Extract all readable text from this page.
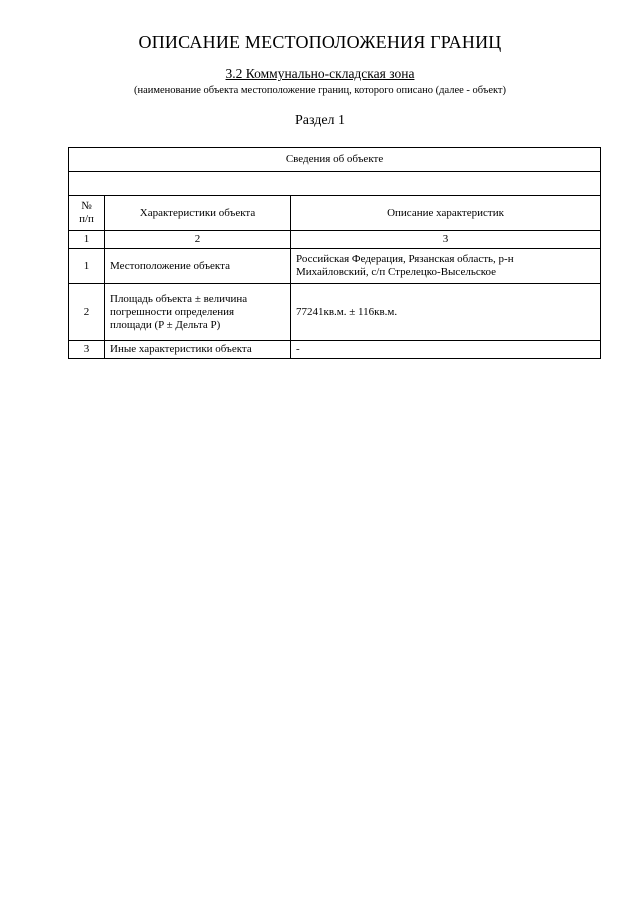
ОПИСАНИЕ МЕСТОПОЛОЖЕНИЯ ГРАНИЦ

3.2 Коммунально-складская зона

(наименование объекта местоположение границ, которого описано (далее - объект)

Раздел 1

Сведения об объекте		

№
п/п	Характеристики объекта	Описание характеристик
1	2	3
1	Местоположение объекта	Российская Федерация, Рязанская область, р-н
Михайловский, с/п Стрелецко-Высельское
2	Площадь объекта ± величина
погрешности определения
площади (P ± Дельта P)	77241кв.м. ± 116кв.м.
3	Иные характеристики объекта	-
